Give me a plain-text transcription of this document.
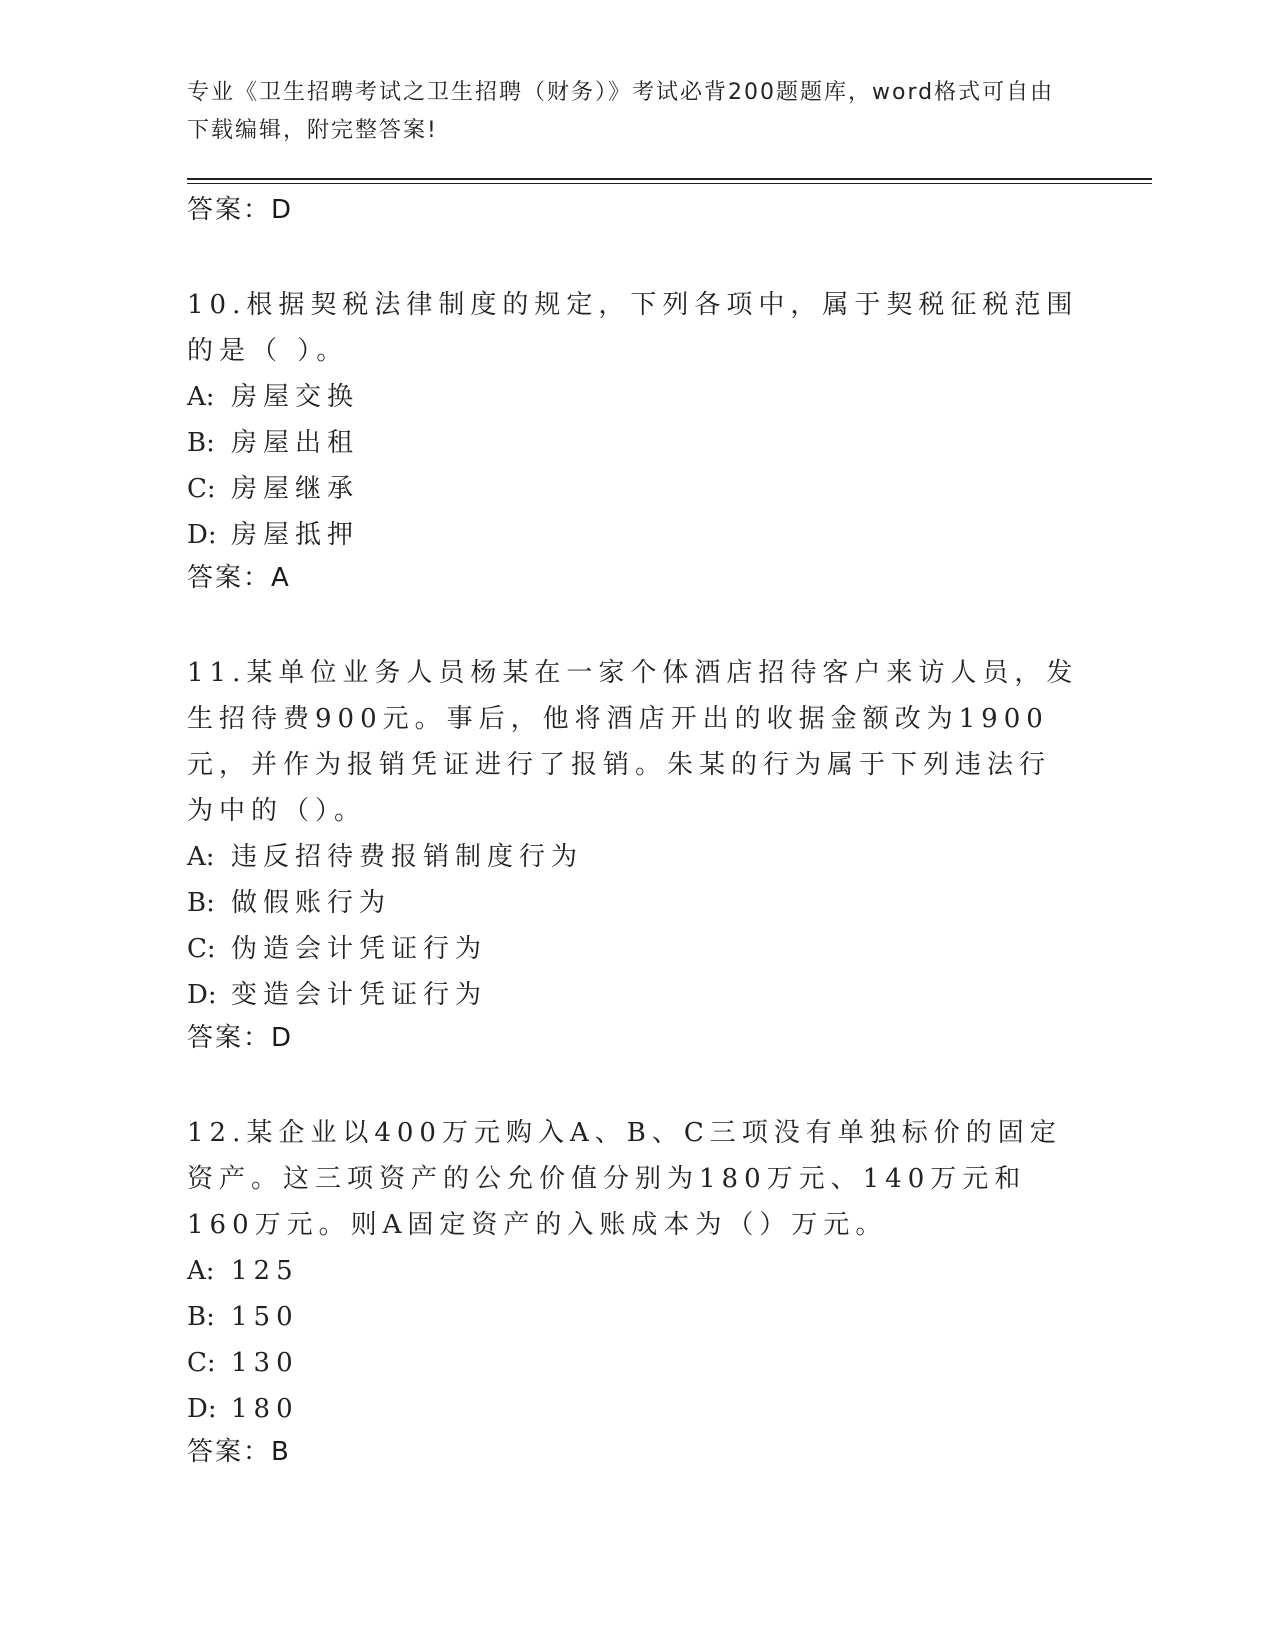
专业《卫生招聘考试之卫生招聘（财务）》考试必背200题题库，word格式可自由下载编辑，附完整答案!
答案：D
10.根据契税法律制度的规定，下列各项中，属于契税征税范围的是（ ）。
A: 房屋交换
B: 房屋出租
C: 房屋继承
D: 房屋抵押
答案：A
11.某单位业务人员杨某在一家个体酒店招待客户来访人员，发生招待费900元。事后，他将酒店开出的收据金额改为1900元，并作为报销凭证进行了报销。朱某的行为属于下列违法行为中的（）。
A: 违反招待费报销制度行为
B: 做假账行为
C: 伪造会计凭证行为
D: 变造会计凭证行为
答案：D
12.某企业以400万元购入A、B、C三项没有单独标价的固定资产。这三项资产的公允价值分别为180万元、140万元和160万元。则A固定资产的入账成本为（）万元。
A: 125
B: 150
C: 130
D: 180
答案：B
